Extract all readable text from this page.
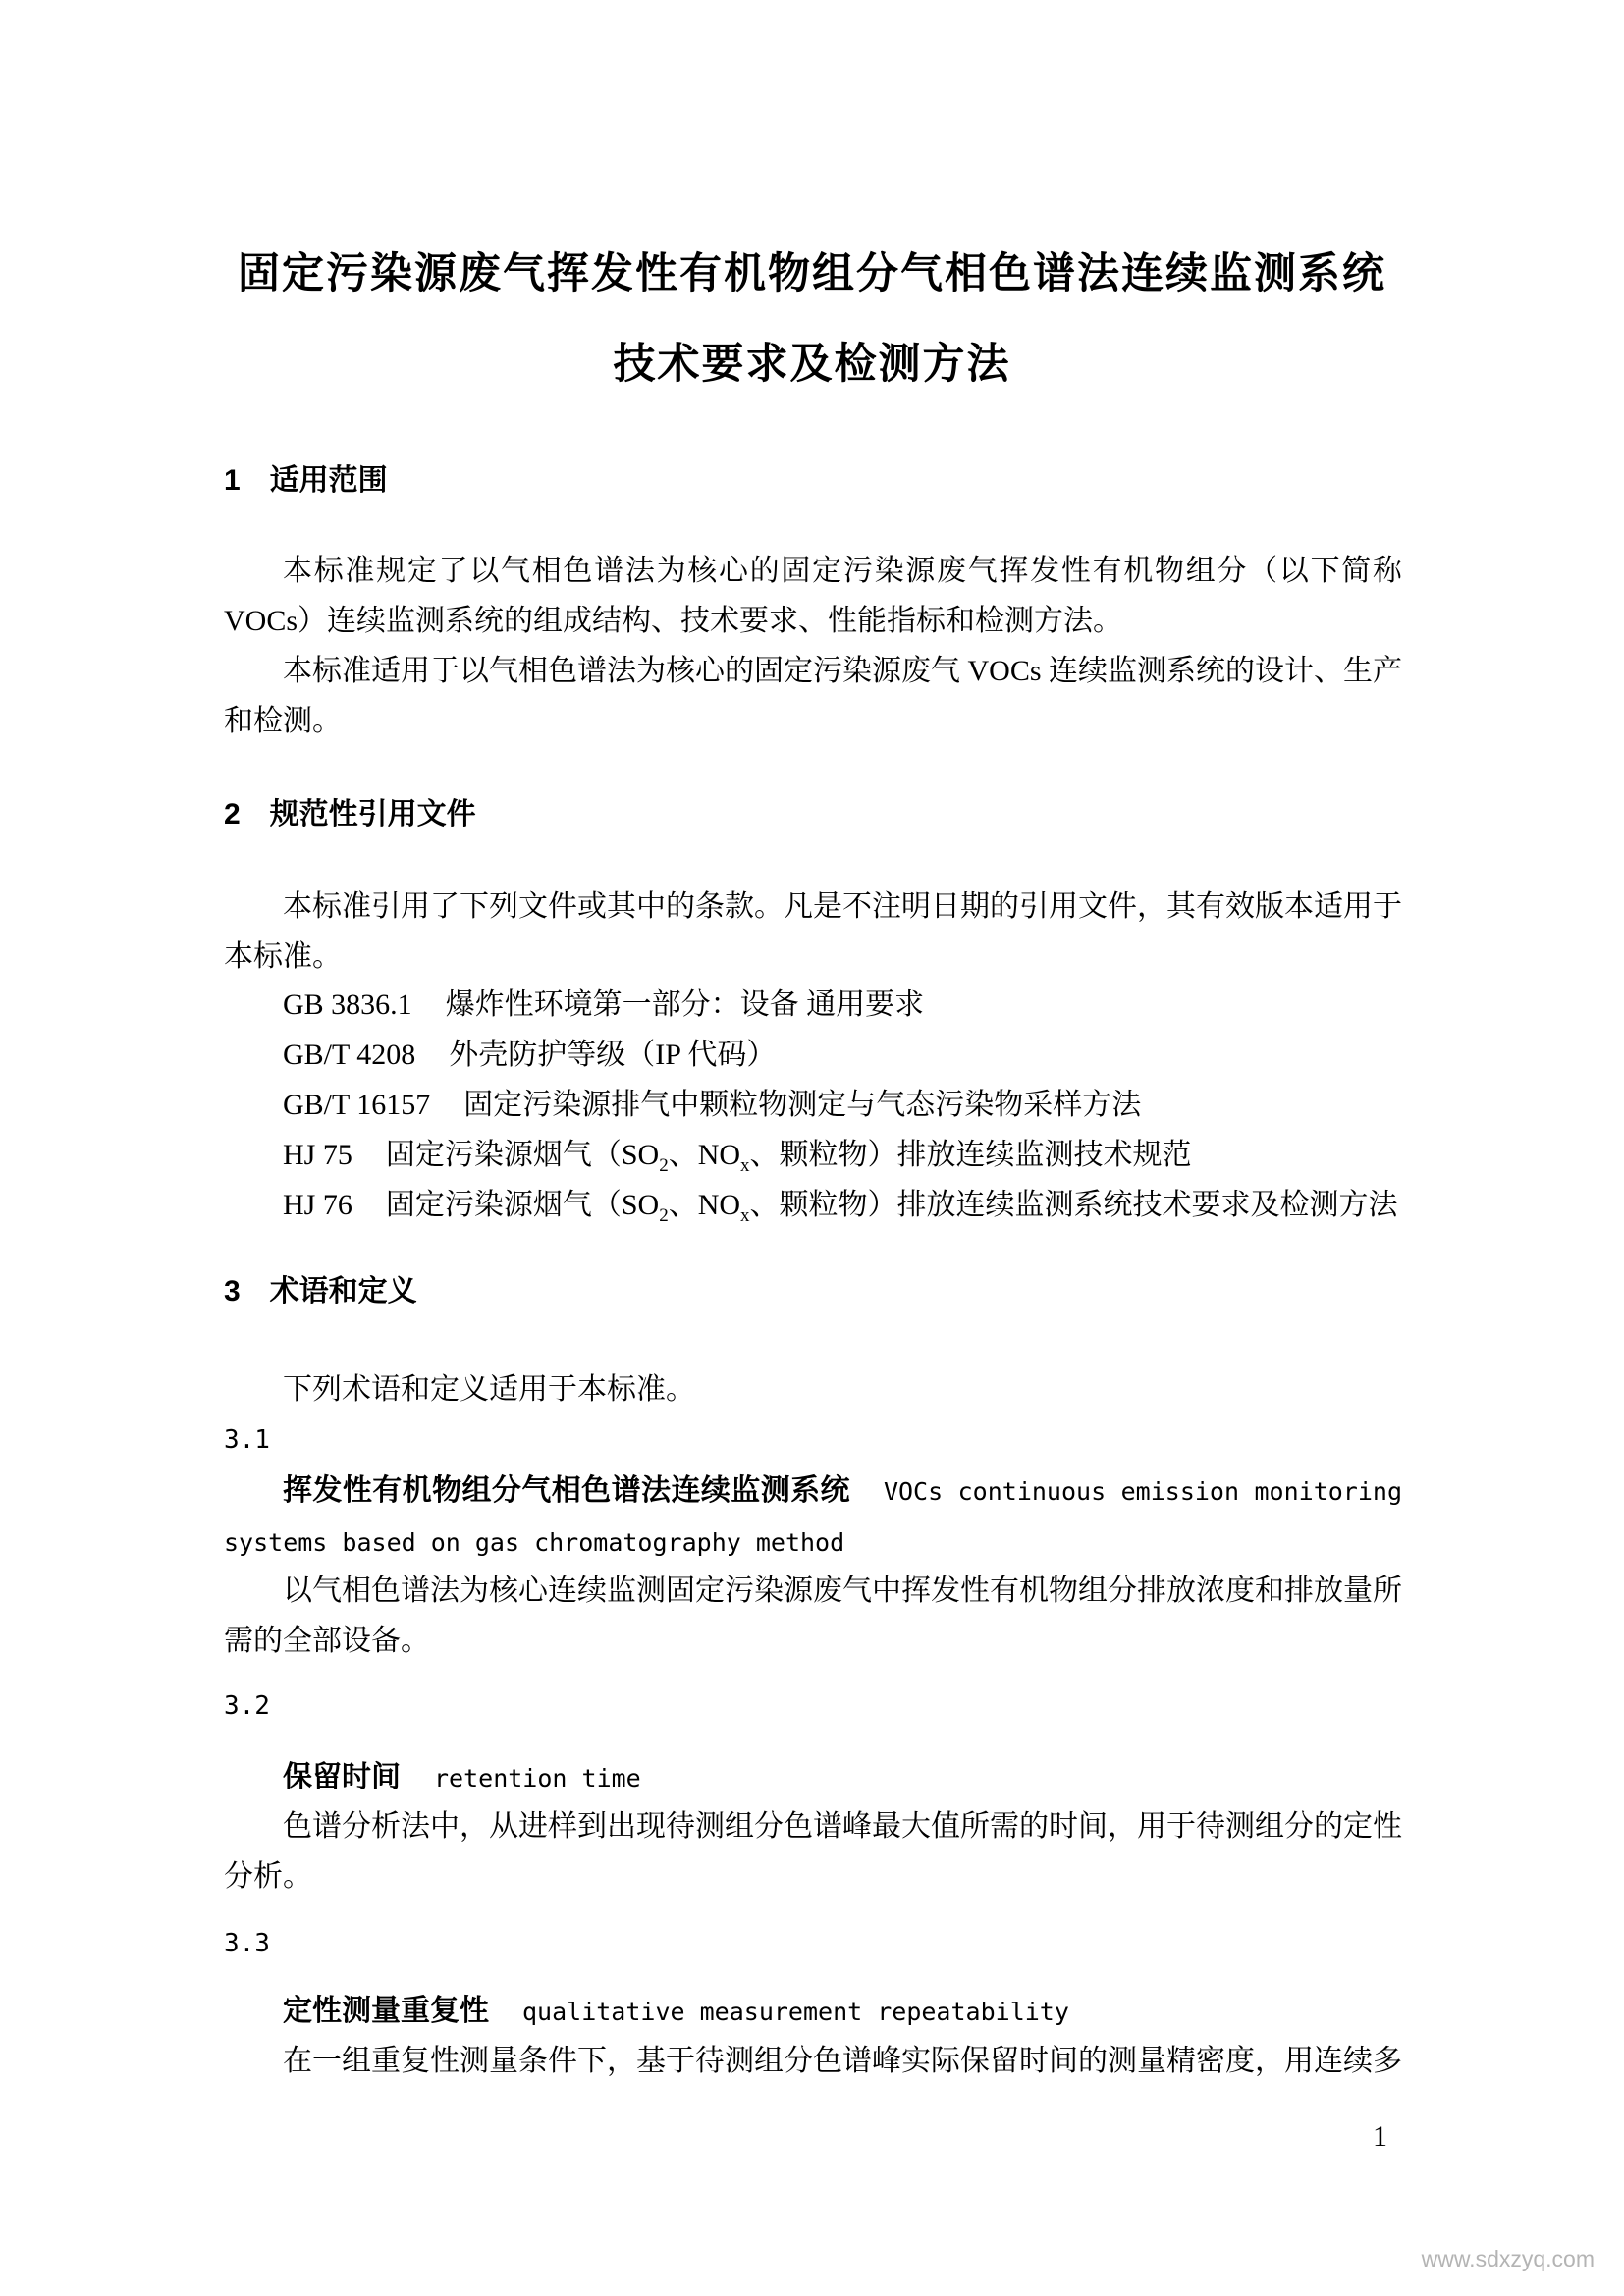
固定污染源废气挥发性有机物组分气相色谱法连续监测系统
技术要求及检测方法
1 适用范围
本标准规定了以气相色谱法为核心的固定污染源废气挥发性有机物组分（以下简称VOCs）连续监测系统的组成结构、技术要求、性能指标和检测方法。
本标准适用于以气相色谱法为核心的固定污染源废气 VOCs 连续监测系统的设计、生产和检测。
2 规范性引用文件
本标准引用了下列文件或其中的条款。凡是不注明日期的引用文件，其有效版本适用于本标准。
GB 3836.1 爆炸性环境第一部分：设备 通用要求
GB/T 4208 外壳防护等级（IP 代码）
GB/T 16157 固定污染源排气中颗粒物测定与气态污染物采样方法
HJ 75 固定污染源烟气（$SO_2$、$NO_x$、颗粒物）排放连续监测技术规范
HJ 76 固定污染源烟气（$SO_2$、$NO_x$、颗粒物）排放连续监测系统技术要求及检测方法
3 术语和定义
下列术语和定义适用于本标准。
3.1
挥发性有机物组分气相色谱法连续监测系统 VOCs continuous emission monitoring systems based on gas chromatography method
以气相色谱法为核心连续监测固定污染源废气中挥发性有机物组分排放浓度和排放量所需的全部设备。
3.2
保留时间 retention time
色谱分析法中，从进样到出现待测组分色谱峰最大值所需的时间，用于待测组分的定性分析。
3.3
定性测量重复性 qualitative measurement repeatability
在一组重复性测量条件下，基于待测组分色谱峰实际保留时间的测量精密度，用连续多
1
www.sdxzyq.com
